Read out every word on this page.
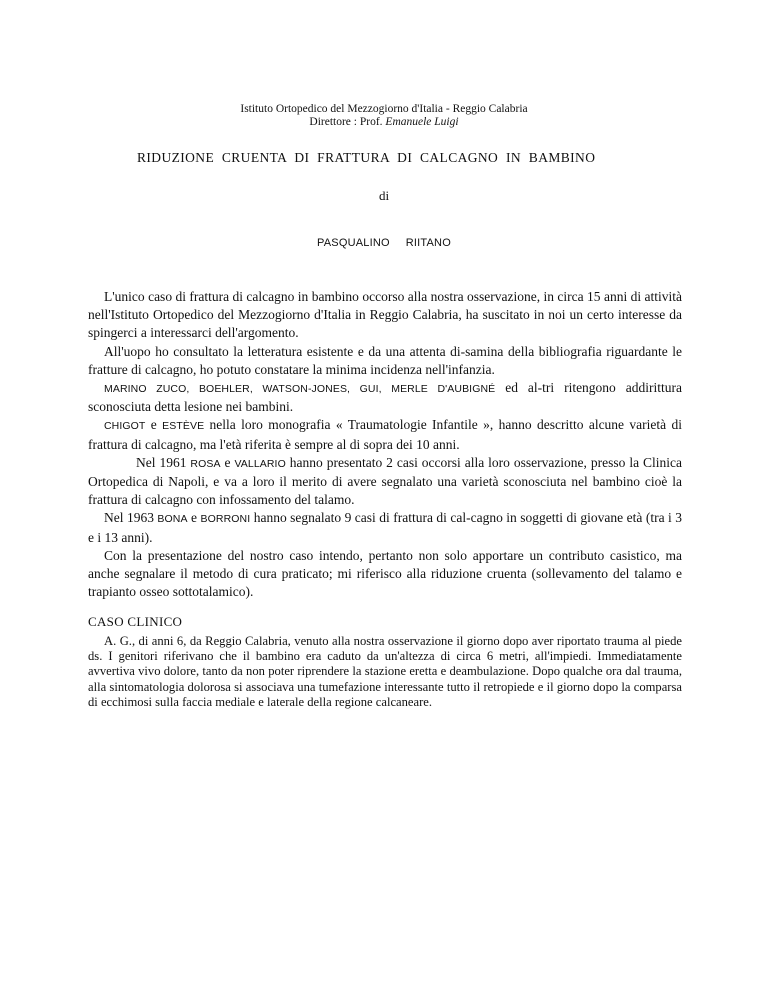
Istituto Ortopedico del Mezzogiorno d'Italia - Reggio Calabria
Direttore : Prof. Emanuele Luigi
RIDUZIONE CRUENTA DI FRATTURA DI CALCAGNO IN BAMBINO
di
PASQUALINO RIITANO

L'unico caso di frattura di calcagno in bambino occorso alla nostra osservazione, in circa 15 anni di attività nell'Istituto Ortopedico del Mezzogiorno d'Italia in Reggio Calabria, ha suscitato in noi un certo interesse da spingerci a interessarci dell'argomento.

All'uopo ho consultato la letteratura esistente e da una attenta di-samina della bibliografia riguardante le fratture di calcagno, ho potuto constatare la minima incidenza nell'infanzia.

MARINO ZUCO, BOEHLER, WATSON-JONES, GUI, MERLE D'AUBIGNÉ ed al-tri ritengono addirittura sconosciuta detta lesione nei bambini.

CHIGOT e ESTÈVE nella loro monografia « Traumatologie Infantile », hanno descritto alcune varietà di frattura di calcagno, ma l'età riferita è sempre al di sopra dei 10 anni.

Nel 1961 ROSA e VALLARIO hanno presentato 2 casi occorsi alla loro osservazione, presso la Clinica Ortopedica di Napoli, e va a loro il merito di avere segnalato una varietà sconosciuta nel bambino cioè la frattura di calcagno con infossamento del talamo.

Nel 1963 BONA e BORRONI hanno segnalato 9 casi di frattura di cal-cagno in soggetti di giovane età (tra i 3 e i 13 anni).

Con la presentazione del nostro caso intendo, pertanto non solo apportare un contributo casistico, ma anche segnalare il metodo di cura praticato; mi riferisco alla riduzione cruenta (sollevamento del talamo e trapianto osseo sottotalamico).

CASO CLINICO

A. G., di anni 6, da Reggio Calabria, venuto alla nostra osservazione il giorno dopo aver riportato trauma al piede ds. I genitori riferivano che il bambino era caduto da un'altezza di circa 6 metri, all'impiedi. Immediatamente avvertiva vivo dolore, tanto da non poter riprendere la stazione eretta e deambulazione. Dopo qualche ora dal trauma, alla sintomatologia dolorosa si associava una tumefazione interessante tutto il retropiede e il giorno dopo la comparsa di ecchimosi sulla faccia mediale e laterale della regione calcaneare.
